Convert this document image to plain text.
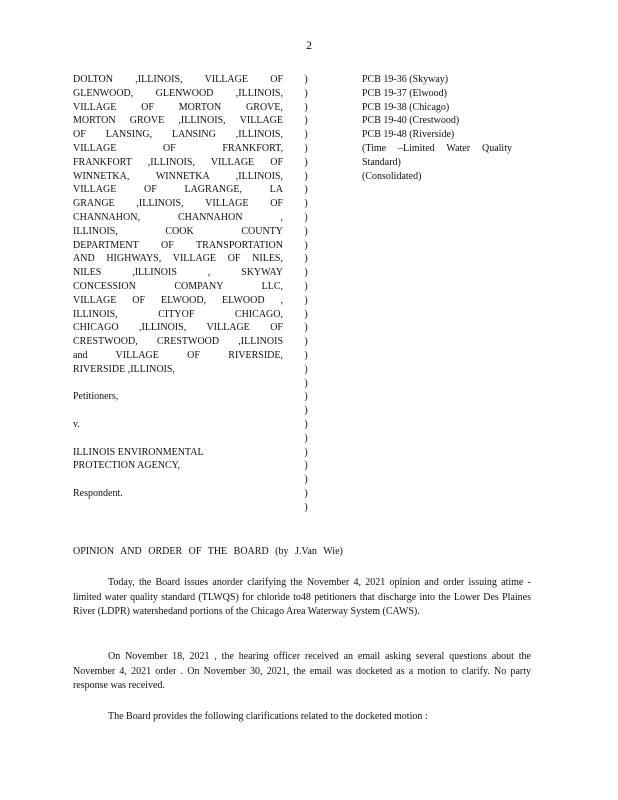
2
DOLTON ,ILLINOIS, VILLAGE OF
GLENWOOD, GLENWOOD ,ILLINOIS,
VILLAGE OF MORTON GROVE,
MORTON GROVE ,ILLINOIS, VILLAGE
OF LANSING, LANSING ,ILLINOIS,
VILLAGE OF FRANKFORT,
FRANKFORT ,ILLINOIS, VILLAGE OF
WINNETKA, WINNETKA ,ILLINOIS,
VILLAGE OF LAGRANGE, LA
GRANGE ,ILLINOIS, VILLAGE OF
CHANNAHON, CHANNAHON ,
ILLINOIS, COOK COUNTY
DEPARTMENT OF TRANSPORTATION
AND HIGHWAYS, VILLAGE OF NILES,
NILES ,ILLINOIS , SKYWAY
CONCESSION COMPANY LLC,
VILLAGE OF ELWOOD, ELWOOD ,
ILLINOIS, CITYOF CHICAGO,
CHICAGO ,ILLINOIS, VILLAGE OF
CRESTWOOD, CRESTWOOD ,ILLINOIS
and VILLAGE OF RIVERSIDE,
RIVERSIDE ,ILLINOIS,
Petitioners,
v.
ILLINOIS ENVIRONMENTAL
PROTECTION AGENCY,
Respondent.
)
)
)
)
)
)
)
)
)
)
)
)
)
)
)
)
)
)
)
)
)
)
)
)
)
)
)
)
)
)
)
)
PCB 19-36 (Skyway)
PCB 19-37 (Elwood)
PCB 19-38 (Chicago)
PCB 19-40 (Crestwood)
PCB 19-48 (Riverside)
(Time –Limited Water Quality
Standard)
(Consolidated)
OPINION AND ORDER OF THE BOARD (by J.Van Wie)
Today, the Board issues anorder clarifying the November 4, 2021 opinion and order issuing atime - limited water quality standard (TLWQS) for chloride to48 petitioners that discharge into the Lower Des Plaines River (LDPR) watershedand portions of the Chicago Area Waterway System (CAWS).
On November 18, 2021 , the hearing officer received an email asking several questions about the November 4, 2021 order . On November 30, 2021, the email was docketed as a motion to clarify. No party response was received.
The Board provides the following clarifications related to the docketed motion :
